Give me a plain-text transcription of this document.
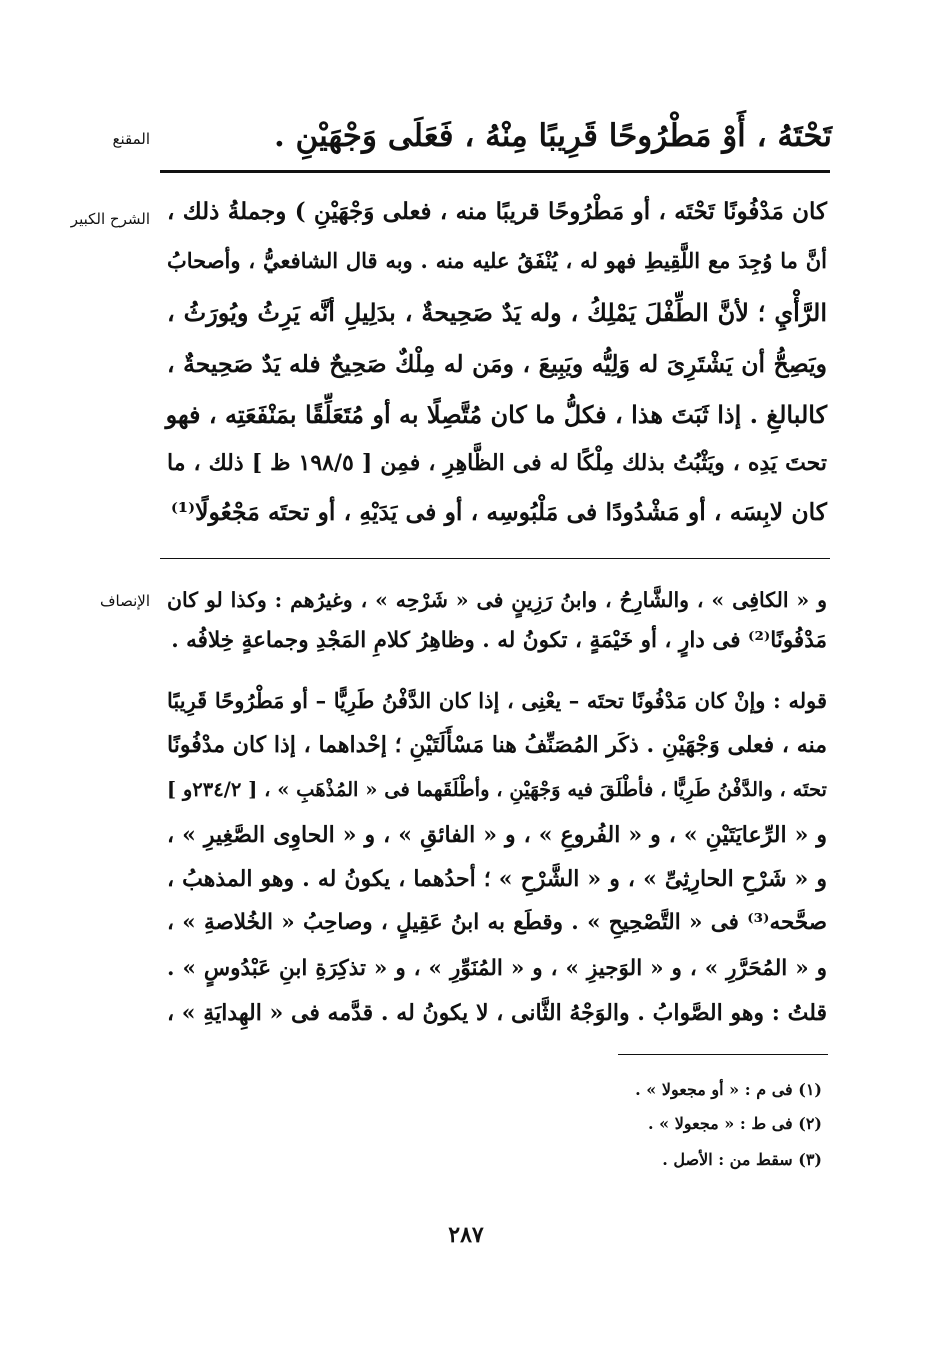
المقنع	تَحْتَهُ ، أَوْ مَطْرُوحًا قَرِيبًا مِنْهُ ، فَعَلَى وَجْهَيْنِ .
الشرح الكبير كان مَدْفُونًا تَحْتَه ، أو مَطْرُوحًا قريبًا منه ، فعلى وَجْهَيْنِ ) وجملةُ ذلك ،
أنَّ ما وُجِدَ مع اللَّقِيطِ فهو له ، يُنْفَقُ عليه منه . وبه قال الشافعيُّ ، وأصحابُ
الرَّأْيِ ؛ لأنَّ الطِّفْلَ يَمْلِكُ ، وله يَدٌ صَحِيحةٌ ، بدَلِيلِ أنَّه يَرِثُ ويُورَثُ ،
ويَصِحُّ أن يَشْتَرِىَ له وَلِيُّه ويَبِيعَ ، ومَن له مِلْكٌ صَحِيحٌ فله يَدٌ صَحِيحةٌ ،
كالبالغِ . إذا ثَبَتَ هذا ، فكلُّ ما كان مُتَّصِلًا به أو مُتَعَلِّقًا بمَنْفَعَتِه ، فهو
تحتَ يَدِه ، ويَثْبُتُ بذلك مِلْكًا له فى الظَّاهِرِ ، فمِن [ ١٩٨/٥ ظ ] ذلك ، ما
كان لابِسَه ، أو مَشْدُودًا فى مَلْبُوسِه ، أو فى يَدَيْهِ ، أو تحتَه مَجْعُولًا⁽¹⁾
الإنصاف و « الكافِى » ، والشَّارِحُ ، وابنُ رَزِينٍ فى « شَرْحِه » ، وغيرُهم : وكذا لو كان
مَدْفُونًا⁽²⁾ فى دارٍ ، أو خَيْمَةٍ ، تكونُ له . وظاهِرُ كلامِ المَجْدِ وجماعةٍ خِلافُه .
قوله : وإنْ كان مَدْفُونًا تحتَه – يعْنِى ، إذا كان الدَّفْنُ طَرِيًّا – أو مَطْرُوحًا قَرِيبًا
منه ، فعلى وَجْهَيْنِ . ذكَر المُصَنِّفُ هنا مَسْأَلَتَيْنِ ؛ إحْداهما ، إذا كان مدْفُونًا
تحتَه ، والدَّفْنُ طَرِيًّا ، فأطْلَقَ فيه وَجْهَيْنِ ، وأطْلَقَهما فى « المُذْهَبِ » ، [ ٢٣٤/٢و ]
و « الرِّعايَتَيْنِ » ، و « الفُروعِ » ، و « الفائقِ » ، و « الحاوِى الصَّغِيرِ » ،
و « شَرْحِ الحارِثِىِّ » ، و « الشَّرْحِ » ؛ أحدُهما ، يكونُ له . وهو المذهبُ ،
صحَّحه⁽³⁾ فى « التَّصْحِيحِ » . وقطَع به ابنُ عَقِيلٍ ، وصاحِبُ « الخُلاصةِ » ،
و « المُحَرَّرِ » ، و « الوَجيزِ » ، و « المُنَوِّرِ » ، و « تذكِرَةِ ابنِ عَبْدُوسٍ » .
قلتُ : وهو الصَّوابُ . والوَجْهُ الثَّانى ، لا يكونُ له . قدَّمه فى « الهِدايَةِ » ،
(١) فى م : « أو مجعولا » .
(٢) فى ط : « مجعولا » .
(٣) سقط من : الأصل .
٢٨٧
